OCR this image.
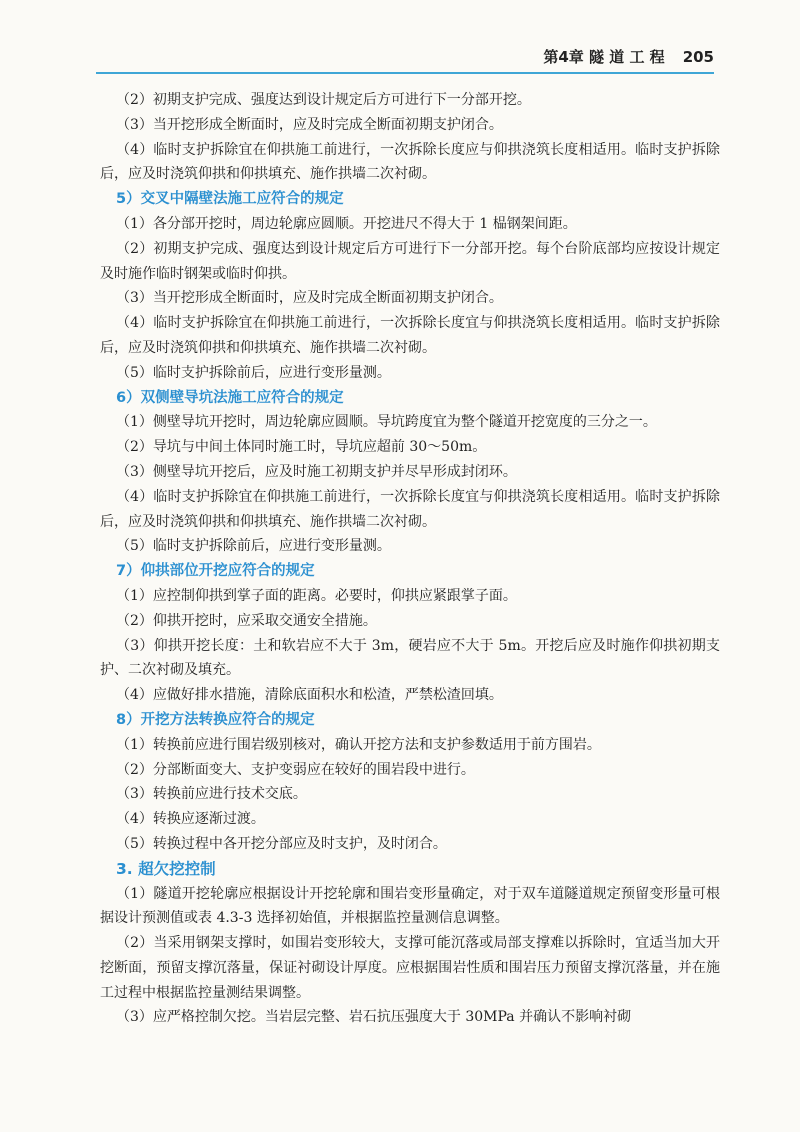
第4章 隧 道 工 程 205

（2）初期支护完成、强度达到设计规定后方可进行下一分部开挖。

（3）当开挖形成全断面时，应及时完成全断面初期支护闭合。

（4）临时支护拆除宜在仰拱施工前进行，一次拆除长度应与仰拱浇筑长度相适用。临时支护拆除后，应及时浇筑仰拱和仰拱填充、施作拱墙二次衬砌。

5）交叉中隔壁法施工应符合的规定

（1）各分部开挖时，周边轮廓应圆顺。开挖进尺不得大于 1 榀钢架间距。

（2）初期支护完成、强度达到设计规定后方可进行下一分部开挖。每个台阶底部均应按设计规定及时施作临时钢架或临时仰拱。

（3）当开挖形成全断面时，应及时完成全断面初期支护闭合。

（4）临时支护拆除宜在仰拱施工前进行，一次拆除长度宜与仰拱浇筑长度相适用。临时支护拆除后，应及时浇筑仰拱和仰拱填充、施作拱墙二次衬砌。

（5）临时支护拆除前后，应进行变形量测。

6）双侧壁导坑法施工应符合的规定

（1）侧壁导坑开挖时，周边轮廓应圆顺。导坑跨度宜为整个隧道开挖宽度的三分之一。

（2）导坑与中间土体同时施工时，导坑应超前 30～50m。

（3）侧壁导坑开挖后，应及时施工初期支护并尽早形成封闭环。

（4）临时支护拆除宜在仰拱施工前进行，一次拆除长度宜与仰拱浇筑长度相适用。临时支护拆除后，应及时浇筑仰拱和仰拱填充、施作拱墙二次衬砌。

（5）临时支护拆除前后，应进行变形量测。

7）仰拱部位开挖应符合的规定

（1）应控制仰拱到掌子面的距离。必要时，仰拱应紧跟掌子面。

（2）仰拱开挖时，应采取交通安全措施。

（3）仰拱开挖长度：土和软岩应不大于 3m，硬岩应不大于 5m。开挖后应及时施作仰拱初期支护、二次衬砌及填充。

（4）应做好排水措施，清除底面积水和松渣，严禁松渣回填。

8）开挖方法转换应符合的规定

（1）转换前应进行围岩级别核对，确认开挖方法和支护参数适用于前方围岩。

（2）分部断面变大、支护变弱应在较好的围岩段中进行。

（3）转换前应进行技术交底。

（4）转换应逐渐过渡。

（5）转换过程中各开挖分部应及时支护，及时闭合。

3. 超欠挖控制

（1）隧道开挖轮廓应根据设计开挖轮廓和围岩变形量确定，对于双车道隧道规定预留变形量可根据设计预测值或表 4.3-3 选择初始值，并根据监控量测信息调整。

（2）当采用钢架支撑时，如围岩变形较大，支撑可能沉落或局部支撑难以拆除时，宜适当加大开挖断面，预留支撑沉落量，保证衬砌设计厚度。应根据围岩性质和围岩压力预留支撑沉落量，并在施工过程中根据监控量测结果调整。

（3）应严格控制欠挖。当岩层完整、岩石抗压强度大于 30MPa 并确认不影响衬砌
